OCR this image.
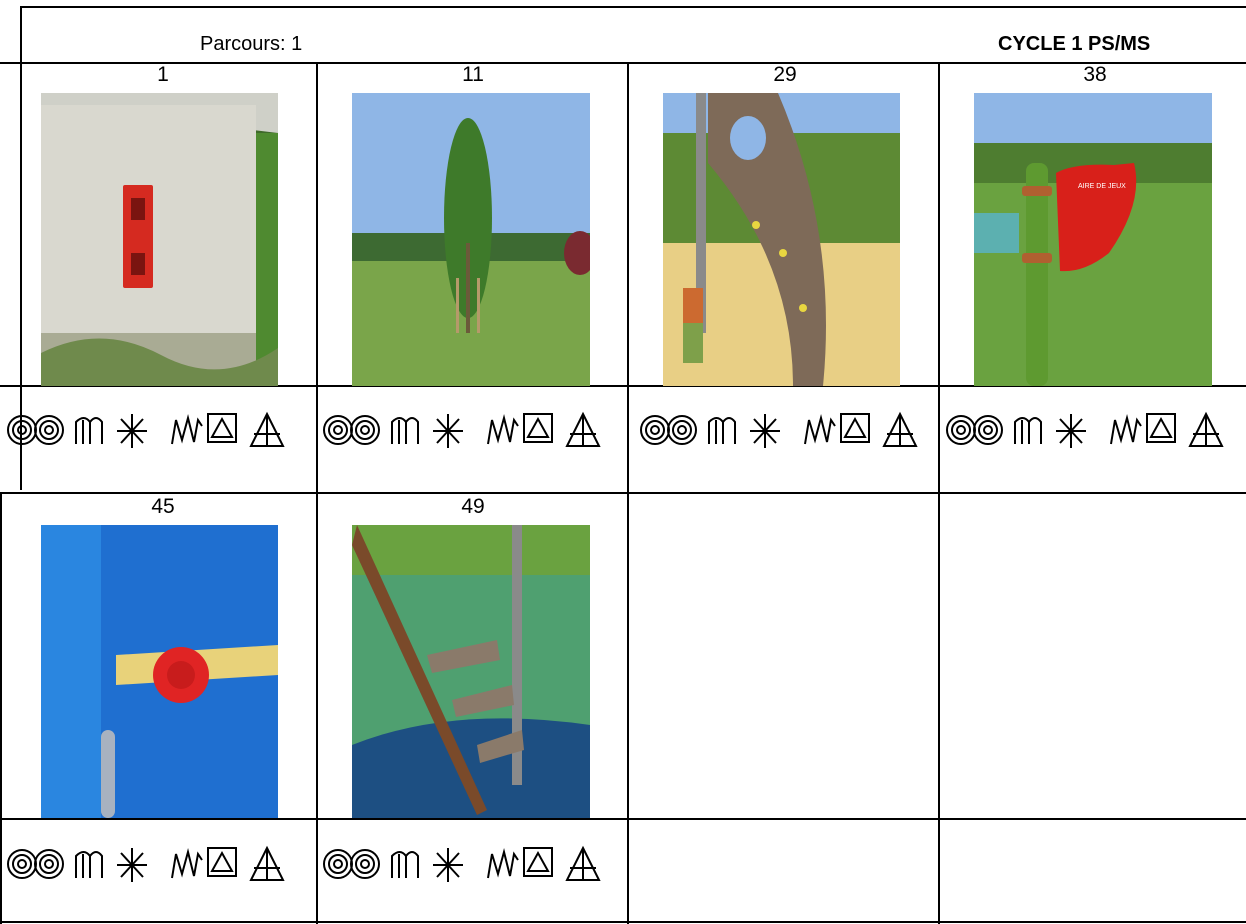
Parcours: 1	CYCLE 1 PS/MS
1	11	29	38
AIRE DE JEUX
45	49
